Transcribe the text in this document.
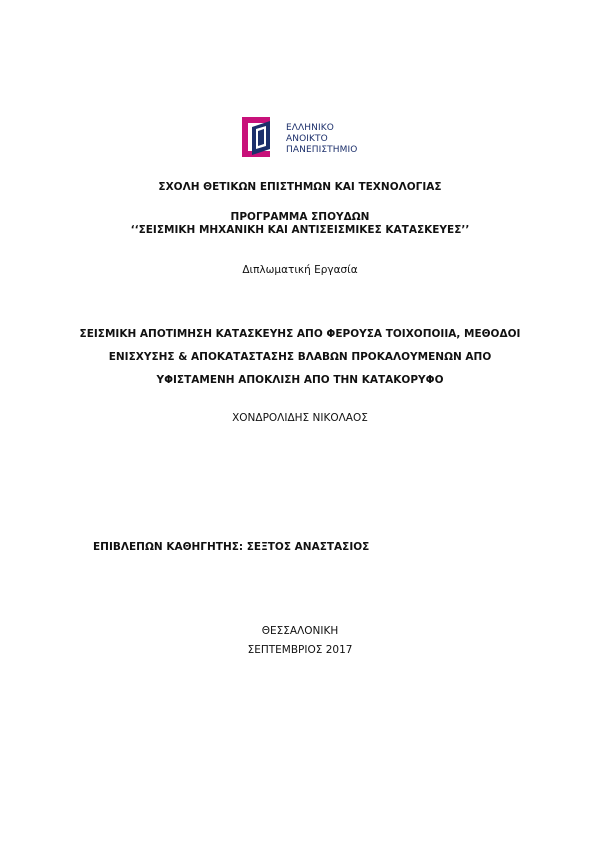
ΕΛΛΗΝΙΚΟ
ΑΝΟΙΚΤΟ
ΠΑΝΕΠΙΣΤΗΜΙΟ
ΣΧΟΛΗ ΘΕΤΙΚΩΝ ΕΠΙΣΤΗΜΩΝ ΚΑΙ ΤΕΧΝΟΛΟΓΙΑΣ
ΠΡΟΓΡΑΜΜΑ ΣΠΟΥΔΩΝ
‘‘ΣΕΙΣΜΙΚΗ ΜΗΧΑΝΙΚΗ ΚΑΙ ΑΝΤΙΣΕΙΣΜΙΚΕΣ ΚΑΤΑΣΚΕΥΕΣ’’
Διπλωματική Εργασία
ΣΕΙΣΜΙΚΗ ΑΠΟΤΙΜΗΣΗ ΚΑΤΑΣΚΕΥΗΣ ΑΠΟ ΦΕΡΟΥΣΑ ΤΟΙΧΟΠΟΙΙΑ, ΜΕΘΟΔΟΙ
ΕΝΙΣΧΥΣΗΣ & ΑΠΟΚΑΤΑΣΤΑΣΗΣ ΒΛΑΒΩΝ ΠΡΟΚΑΛΟΥΜΕΝΩΝ ΑΠΟ
ΥΦΙΣΤΑΜΕΝΗ ΑΠΟΚΛΙΣΗ ΑΠΟ ΤΗΝ ΚΑΤΑΚΟΡΥΦΟ
ΧΟΝΔΡΟΛΙΔΗΣ ΝΙΚΟΛΑΟΣ
ΕΠΙΒΛΕΠΩΝ ΚΑΘΗΓΗΤΗΣ: ΣΕΞΤΟΣ ΑΝΑΣΤΑΣΙΟΣ
ΘΕΣΣΑΛΟΝΙΚΗ
ΣΕΠΤΕΜΒΡΙΟΣ 2017
